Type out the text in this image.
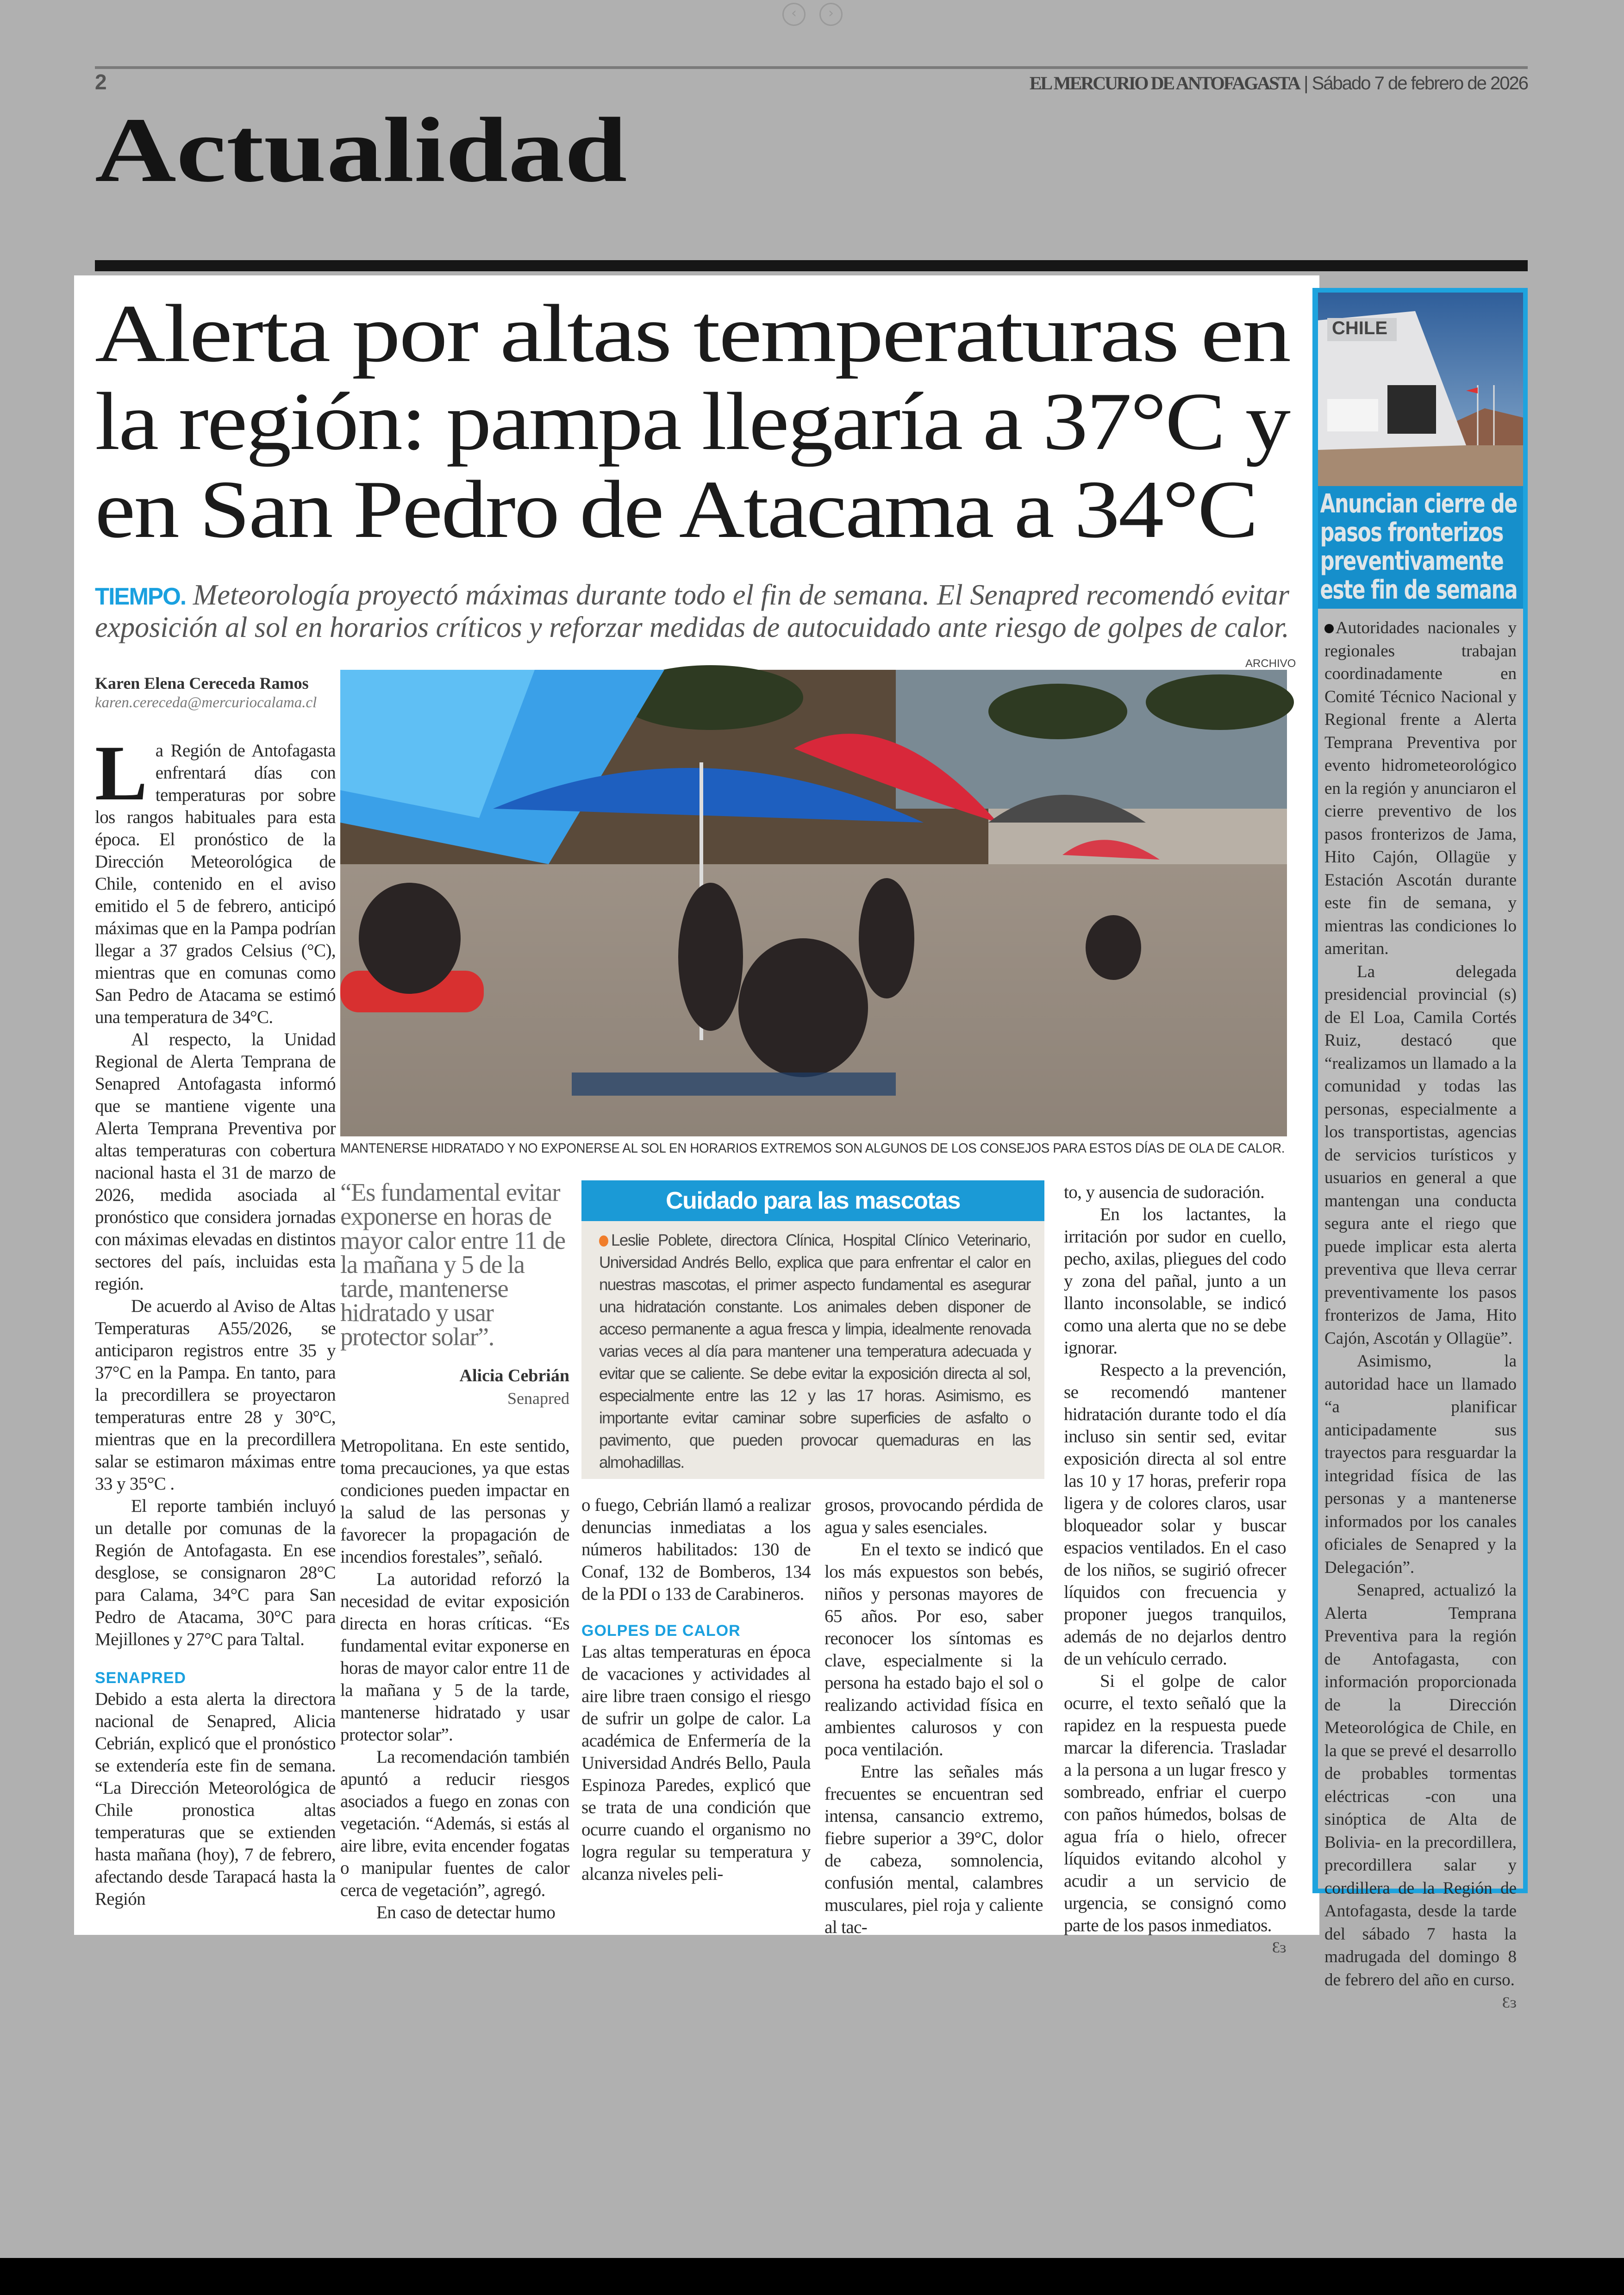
‹	›
2	EL MERCURIO DE ANTOFAGASTA | Sábado 7 de febrero de 2026
Actualidad
Alerta por altas temperaturas en
la región: pampa llegaría a 37°C y
en San Pedro de Atacama a 34°C
TIEMPO. Meteorología proyectó máximas durante todo el fin de semana. El Senapred recomendó evitar
exposición al sol en horarios críticos y reforzar medidas de autocuidado ante riesgo de golpes de calor.
Karen Elena Cereceda Ramos
karen.cereceda@mercuriocalama.cl
ARCHIVO
MANTENERSE HIDRATADO Y NO EXPONERSE AL SOL EN HORARIOS EXTREMOS SON ALGUNOS DE LOS CONSEJOS PARA ESTOS DÍAS DE OLA DE CALOR.

La Región de Antofagasta enfrentará días con temperaturas por sobre los rangos habituales para esta época. El pronóstico de la Dirección Meteorológica de Chile, contenido en el aviso emitido el 5 de febrero, anticipó máximas que en la Pampa podrían llegar a 37 grados Celsius (°C), mientras que en comunas como San Pedro de Atacama se estimó una temperatura de 34°C.

Al respecto, la Unidad Regional de Alerta Temprana de Senapred Antofagasta informó que se mantiene vigente una Alerta Temprana Preventiva por altas temperaturas con cobertura nacional hasta el 31 de marzo de 2026, medida asociada al pronóstico que considera jornadas con máximas elevadas en distintos sectores del país, incluidas esta región.

De acuerdo al Aviso de Altas Temperaturas A55/2026, se anticiparon registros entre 35 y 37°C en la Pampa. En tanto, para la precordillera se proyectaron temperaturas entre 28 y 30°C, mientras que en la precordillera salar se estimaron máximas entre 33 y 35°C .

El reporte también incluyó un detalle por comunas de la Región de Antofagasta. En ese desglose, se consignaron 28°C para Calama, 34°C para San Pedro de Atacama, 30°C para Mejillones y 27°C para Taltal.

SENAPRED

Debido a esta alerta la directora nacional de Senapred, Alicia Cebrián, explicó que el pronóstico se extendería este fin de semana. “La Dirección Meteorológica de Chile pronostica altas temperaturas que se extienden hasta mañana (hoy), 7 de febrero, afectando desde Tarapacá hasta la Región

“Es fundamental evitar exponerse en horas de mayor calor entre 11 de la mañana y 5 de la tarde, mantenerse hidratado y usar protector solar”.
Alicia Cebrián
Senapred

Metropolitana. En este sentido, toma precauciones, ya que estas condiciones pueden impactar en la salud de las personas y favorecer la propagación de incendios forestales”, señaló.

La autoridad reforzó la necesidad de evitar exposición directa en horas críticas. “Es fundamental evitar exponerse en horas de mayor calor entre 11 de la mañana y 5 de la tarde, mantenerse hidratado y usar protector solar”.

La recomendación también apuntó a reducir riesgos asociados a fuego en zonas con vegetación. “Además, si estás al aire libre, evita encender fogatas o manipular fuentes de calor cerca de vegetación”, agregó.

En caso de detectar humo

Cuidado para las mascotas
Leslie Poblete, directora Clínica, Hospital Clínico Veterinario, Universidad Andrés Bello, explica que para enfrentar el calor en nuestras mascotas, el primer aspecto fundamental es asegurar una hidratación constante. Los animales deben disponer de acceso permanente a agua fresca y limpia, idealmente renovada varias veces al día para mantener una temperatura adecuada y evitar que se caliente. Se debe evitar la exposición directa al sol, especialmente entre las 12 y las 17 horas. Asimismo, es importante evitar caminar sobre superficies de asfalto o pavimento, que pueden provocar quemaduras en las almohadillas.

o fuego, Cebrián llamó a realizar denuncias inmediatas a los números habilitados: 130 de Conaf, 132 de Bomberos, 134 de la PDI o 133 de Carabineros.

GOLPES DE CALOR

Las altas temperaturas en época de vacaciones y actividades al aire libre traen consigo el riesgo de sufrir un golpe de calor. La académica de Enfermería de la Universidad Andrés Bello, Paula Espinoza Paredes, explicó que se trata de una condición que ocurre cuando el organismo no logra regular su temperatura y alcanza niveles peli-

grosos, provocando pérdida de agua y sales esenciales.

En el texto se indicó que los más expuestos son bebés, niños y personas mayores de 65 años. Por eso, saber reconocer los síntomas es clave, especialmente si la persona ha estado bajo el sol o realizando actividad física en ambientes calurosos y con poca ventilación.

Entre las señales más frecuentes se encuentran sed intensa, cansancio extremo, fiebre superior a 39°C, dolor de cabeza, somnolencia, confusión mental, calambres musculares, piel roja y caliente al tac-

to, y ausencia de sudoración.

En los lactantes, la irritación por sudor en cuello, pecho, axilas, pliegues del codo y zona del pañal, junto a un llanto inconsolable, se indicó como una alerta que no se debe ignorar.

Respecto a la prevención, se recomendó mantener hidratación durante todo el día incluso sin sentir sed, evitar exposición directa al sol entre las 10 y 17 horas, preferir ropa ligera y de colores claros, usar bloqueador solar y buscar espacios ventilados. En el caso de los niños, se sugirió ofrecer líquidos con frecuencia y proponer juegos tranquilos, además de no dejarlos dentro de un vehículo cerrado.

Si el golpe de calor ocurre, el texto señaló que la rapidez en la respuesta puede marcar la diferencia. Trasladar a la persona a un lugar fresco y sombreado, enfriar el cuerpo con paños húmedos, bolsas de agua fría o hielo, ofrecer líquidos evitando alcohol y acudir a un servicio de urgencia, se consignó como parte de los pasos inmediatos.
Ɛɜ

CHILE
Anuncian cierre de
pasos fronterizos
preventivamente
este fin de semana

Autoridades nacionales y regionales trabajan coordinadamente en Comité Técnico Nacional y Regional frente a Alerta Temprana Preventiva por evento hidrometeorológico en la región y anunciaron el cierre preventivo de los pasos fronterizos de Jama, Hito Cajón, Ollagüe y Estación Ascotán durante este fin de semana, y mientras las condiciones lo ameritan.

La delegada presidencial provincial (s) de El Loa, Camila Cortés Ruiz, destacó que “realizamos un llamado a la comunidad y todas las personas, especialmente a los transportistas, agencias de servicios turísticos y usuarios en general a que mantengan una conducta segura ante el riego que puede implicar esta alerta preventiva que lleva cerrar preventivamente los pasos fronterizos de Jama, Hito Cajón, Ascotán y Ollagüe”.

Asimismo, la autoridad hace un llamado “a planificar anticipadamente sus trayectos para resguardar la integridad física de las personas y a mantenerse informados por los canales oficiales de Senapred y la Delegación”.

Senapred, actualizó la Alerta Temprana Preventiva para la región de Antofagasta, con información proporcionada de la Dirección Meteorológica de Chile, en la que se prevé el desarrollo de probables tormentas eléctricas -con una sinóptica de Alta de Bolivia- en la precordillera, precordillera salar y cordillera de la Región de Antofagasta, desde la tarde del sábado 7 hasta la madrugada del domingo 8 de febrero del año en curso.
Ɛɜ
